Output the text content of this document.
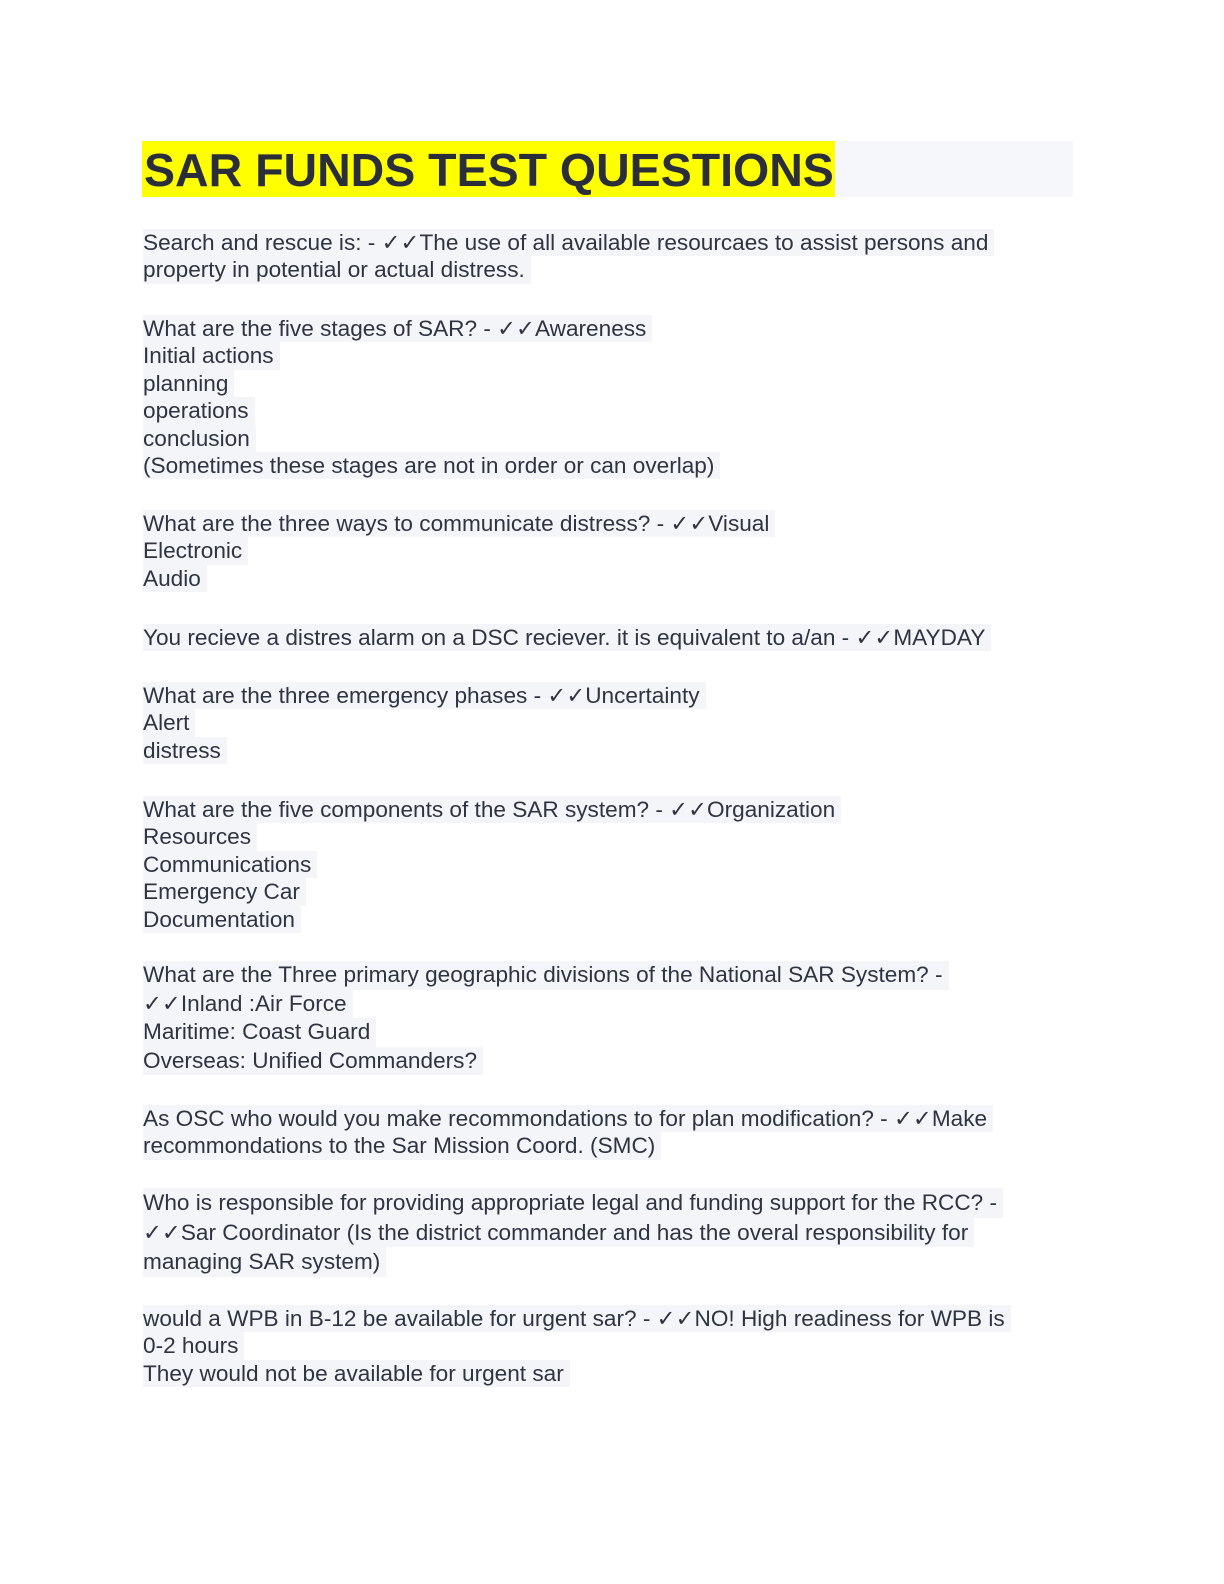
SAR FUNDS TEST QUESTIONS
Search and rescue is: - ✓✓The use of all available resourcaes to assist persons and
property in potential or actual distress.
What are the five stages of SAR? - ✓✓Awareness
Initial actions
planning
operations
conclusion
(Sometimes these stages are not in order or can overlap)
What are the three ways to communicate distress? - ✓✓Visual
Electronic
Audio
You recieve a distres alarm on a DSC reciever. it is equivalent to a/an - ✓✓MAYDAY
What are the three emergency phases - ✓✓Uncertainty
Alert
distress
What are the five components of the SAR system? - ✓✓Organization
Resources
Communications
Emergency Car
Documentation
What are the Three primary geographic divisions of the National SAR System? -
✓✓Inland :Air Force
Maritime: Coast Guard
Overseas: Unified Commanders?
As OSC who would you make recommondations to for plan modification? - ✓✓Make
recommondations to the Sar Mission Coord. (SMC)
Who is responsible for providing appropriate legal and funding support for the RCC? -
✓✓Sar Coordinator (Is the district commander and has the overal responsibility for
managing SAR system)
would a WPB in B-12 be available for urgent sar? - ✓✓NO! High readiness for WPB is
0-2 hours
They would not be available for urgent sar
